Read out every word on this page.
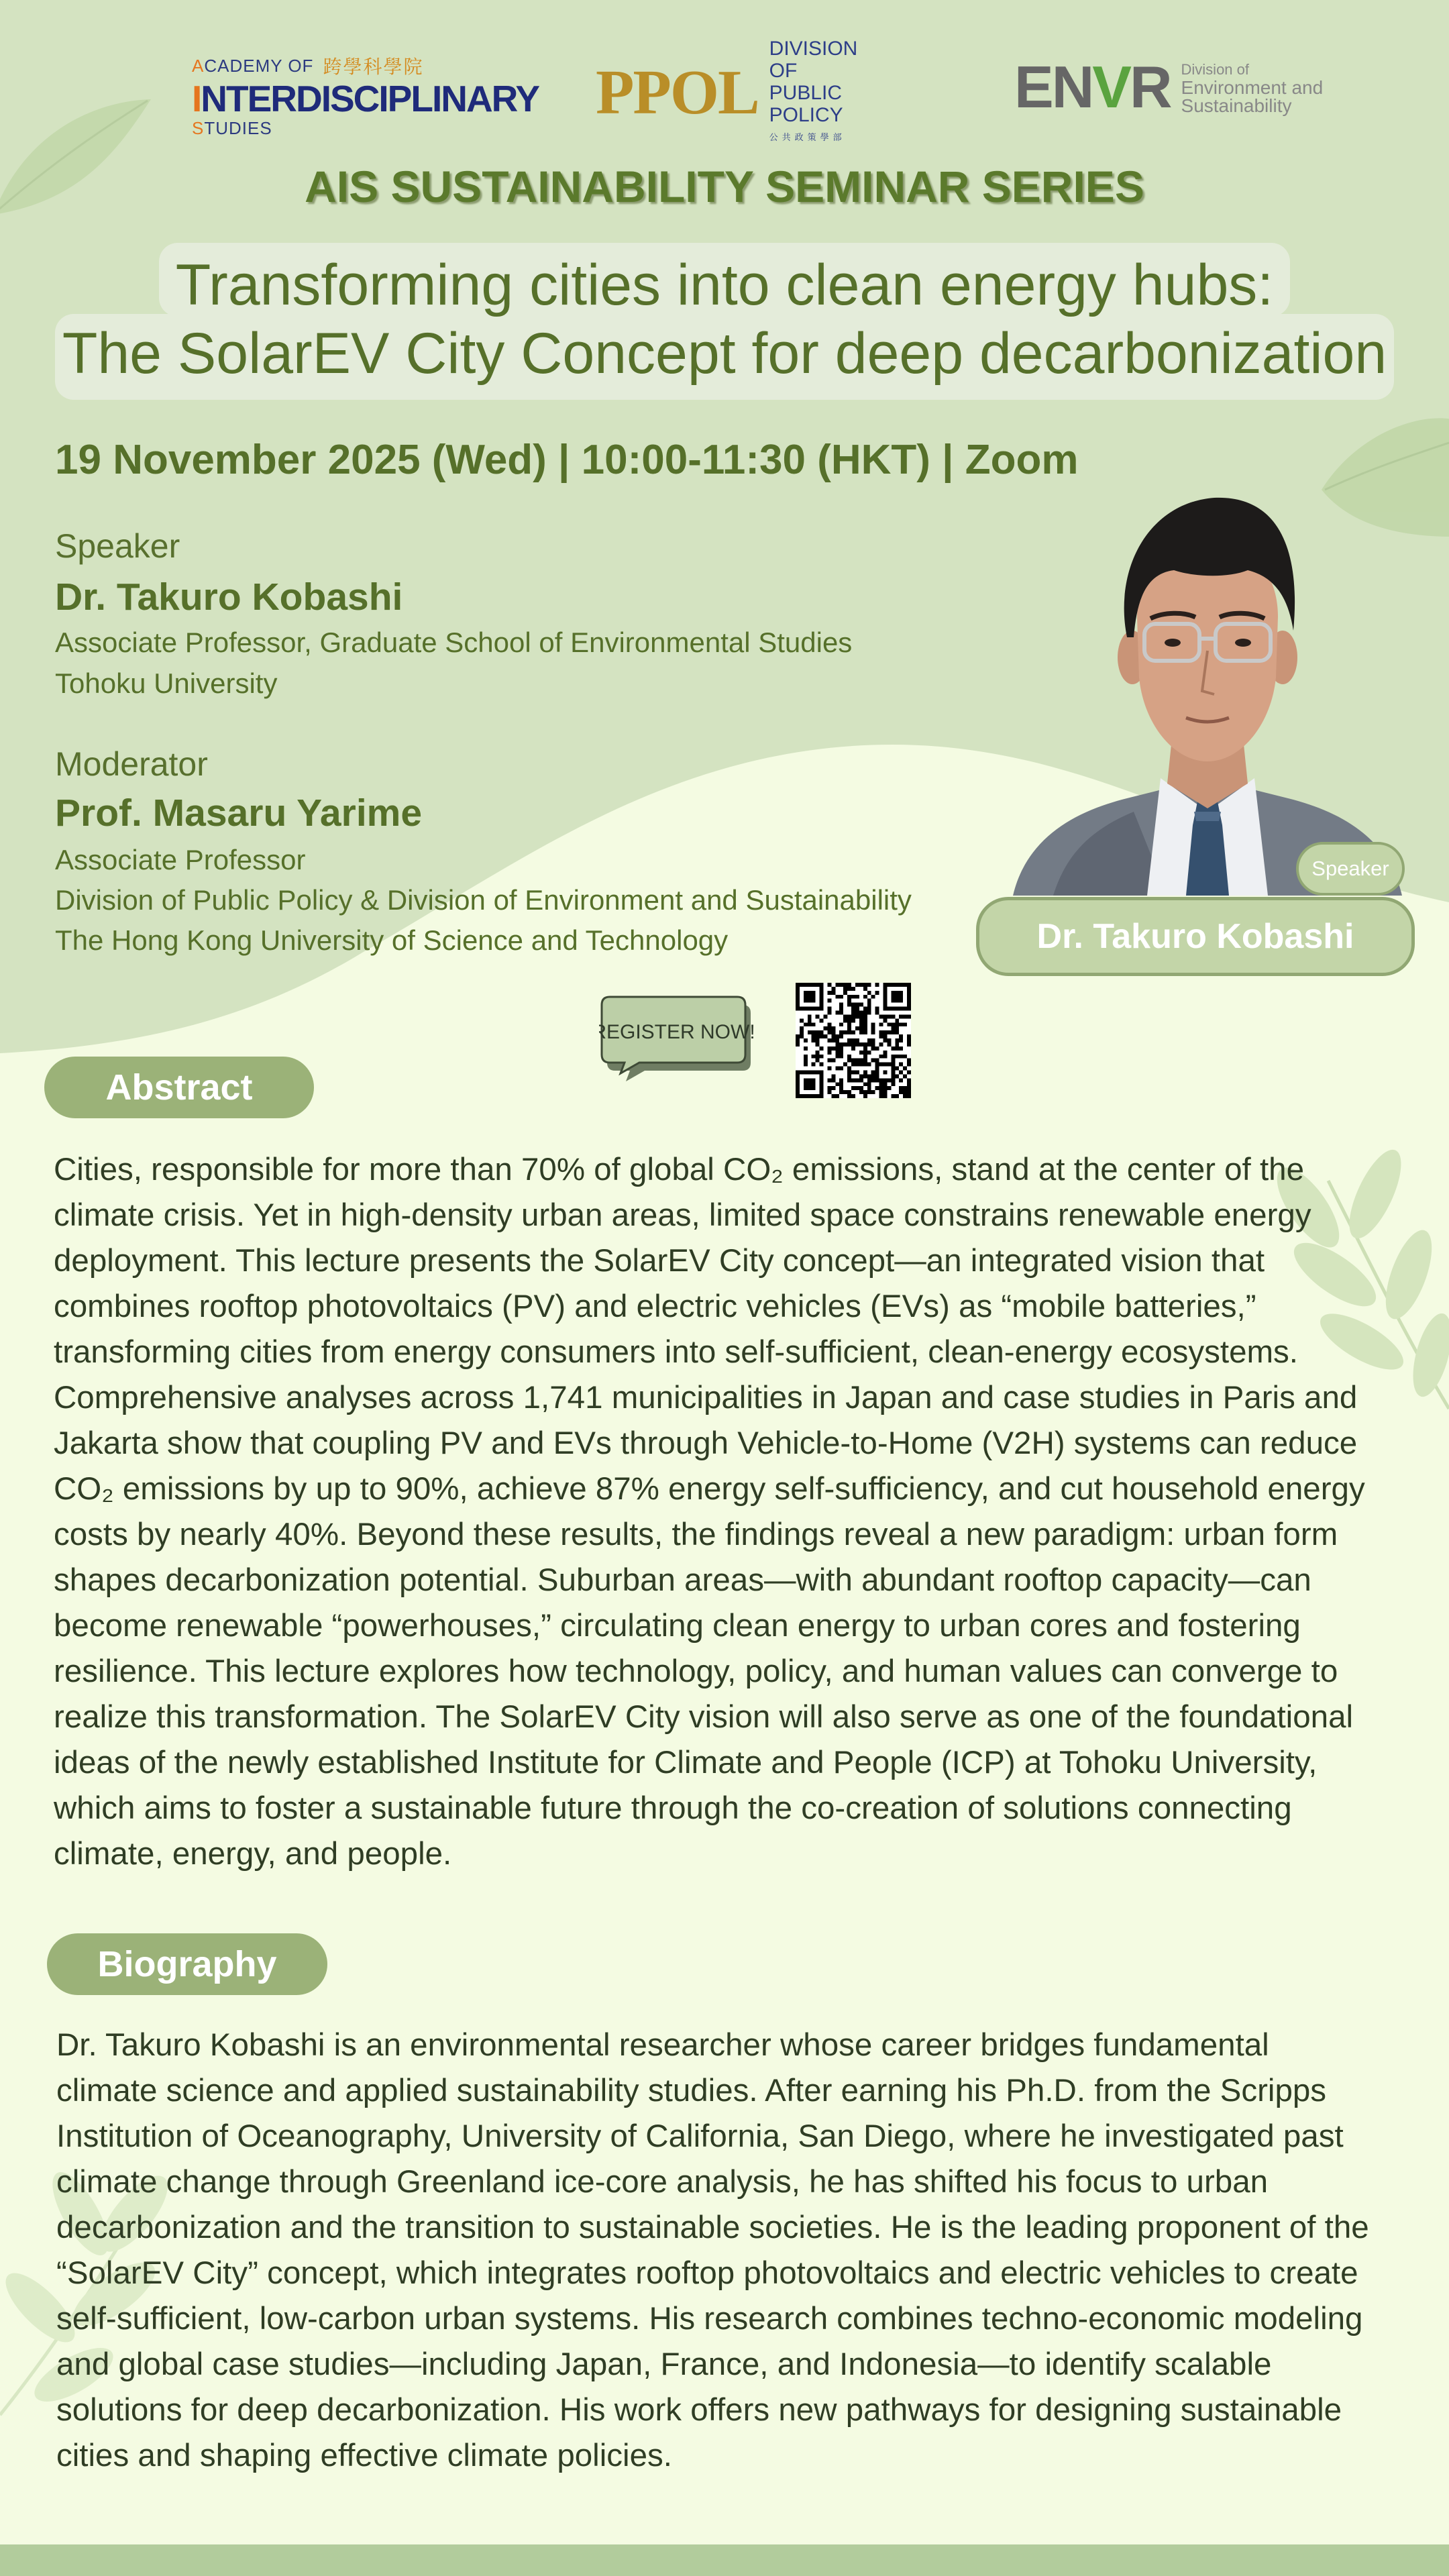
ACADEMY OF 跨學科學院
INTERDISCIPLINARY
STUDIES
PPOL
DIVISION OF
PUBLIC POLICY
公共政策學部
ENVR Division of
Environment and
Sustainability
AIS SUSTAINABILITY SEMINAR SERIES
Transforming cities into clean energy hubs:
The SolarEV City Concept for deep decarbonization
19 November 2025 (Wed) | 10:00-11:30 (HKT) | Zoom
Speaker
Dr. Takuro Kobashi
Associate Professor, Graduate School of Environmental Studies
Tohoku University
Moderator
Prof. Masaru Yarime
Associate Professor
Division of Public Policy & Division of Environment and Sustainability
The Hong Kong University of Science and Technology
Speaker
Dr. Takuro Kobashi
REGISTER NOW!
Abstract

Cities, responsible for more than 70% of global CO₂ emissions, stand at the center of the

climate crisis. Yet in high-density urban areas, limited space constrains renewable energy

deployment. This lecture presents the SolarEV City concept—an integrated vision that

combines rooftop photovoltaics (PV) and electric vehicles (EVs) as “mobile batteries,”

transforming cities from energy consumers into self-sufficient, clean-energy ecosystems.

Comprehensive analyses across 1,741 municipalities in Japan and case studies in Paris and

Jakarta show that coupling PV and EVs through Vehicle-to-Home (V2H) systems can reduce

CO₂ emissions by up to 90%, achieve 87% energy self-sufficiency, and cut household energy

costs by nearly 40%. Beyond these results, the findings reveal a new paradigm: urban form

shapes decarbonization potential. Suburban areas—with abundant rooftop capacity—can

become renewable “powerhouses,” circulating clean energy to urban cores and fostering

resilience. This lecture explores how technology, policy, and human values can converge to

realize this transformation. The SolarEV City vision will also serve as one of the foundational

ideas of the newly established Institute for Climate and People (ICP) at Tohoku University,

which aims to foster a sustainable future through the co-creation of solutions connecting

climate, energy, and people.

Biography

Dr. Takuro Kobashi is an environmental researcher whose career bridges fundamental

climate science and applied sustainability studies. After earning his Ph.D. from the Scripps

Institution of Oceanography, University of California, San Diego, where he investigated past

climate change through Greenland ice-core analysis, he has shifted his focus to urban

decarbonization and the transition to sustainable societies. He is the leading proponent of the

“SolarEV City” concept, which integrates rooftop photovoltaics and electric vehicles to create

self-sufficient, low-carbon urban systems. His research combines techno-economic modeling

and global case studies—including Japan, France, and Indonesia—to identify scalable

solutions for deep decarbonization. His work offers new pathways for designing sustainable

cities and shaping effective climate policies.
